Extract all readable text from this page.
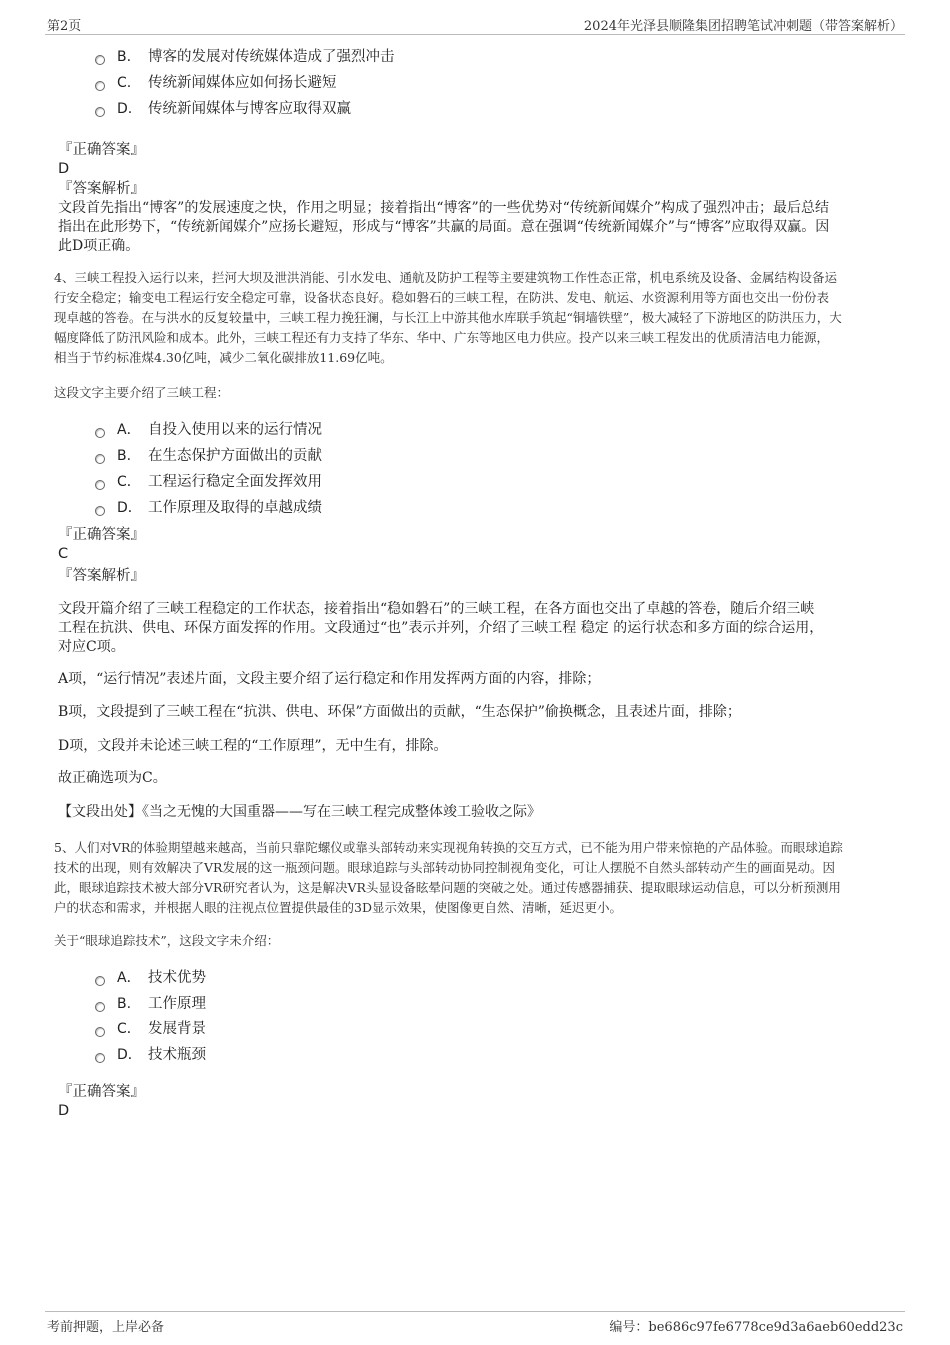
第2页	2024年光泽县顺隆集团招聘笔试冲刺题（带答案解析）
B. 博客的发展对传统媒体造成了强烈冲击
C. 传统新闻媒体应如何扬长避短
D. 传统新闻媒体与博客应取得双赢
『正确答案』
D
『答案解析』
文段首先指出“博客”的发展速度之快，作用之明显；接着指出“博客”的一些优势对“传统新闻媒介”构成了强烈冲击；最后总结
指出在此形势下，“传统新闻媒介”应扬长避短，形成与“博客”共赢的局面。意在强调“传统新闻媒介”与“博客”应取得双赢。因
此D项正确。
4、三峡工程投入运行以来，拦河大坝及泄洪消能、引水发电、通航及防护工程等主要建筑物工作性态正常，机电系统及设备、金属结构设备运
行安全稳定；输变电工程运行安全稳定可靠，设备状态良好。稳如磐石的三峡工程，在防洪、发电、航运、水资源利用等方面也交出一份份表
现卓越的答卷。在与洪水的反复较量中，三峡工程力挽狂澜，与长江上中游其他水库联手筑起“铜墙铁壁”，极大减轻了下游地区的防洪压力，大
幅度降低了防汛风险和成本。此外，三峡工程还有力支持了华东、华中、广东等地区电力供应。投产以来三峡工程发出的优质清洁电力能源，
相当于节约标准煤4.30亿吨，减少二氧化碳排放11.69亿吨。
这段文字主要介绍了三峡工程：
A． 自投入使用以来的运行情况
B. 在生态保护方面做出的贡献
C． 工程运行稳定全面发挥效用
D． 工作原理及取得的卓越成绩
『正确答案』
C
『答案解析』
文段开篇介绍了三峡工程稳定的工作状态，接着指出“稳如磐石”的三峡工程，在各方面也交出了卓越的答卷，随后介绍三峡
工程在抗洪、供电、环保方面发挥的作用。文段通过“也”表示并列，介绍了三峡工程 稳定 的运行状态和多方面的综合运用，
对应C项。
A项，“运行情况”表述片面，文段主要介绍了运行稳定和作用发挥两方面的内容，排除；
B项，文段提到了三峡工程在“抗洪、供电、环保”方面做出的贡献，“生态保护”偷换概念，且表述片面，排除；
D项，文段并未论述三峡工程的“工作原理”，无中生有，排除。
故正确选项为C。
【文段出处】《当之无愧的大国重器——写在三峡工程完成整体竣工验收之际》
5、人们对VR的体验期望越来越高，当前只靠陀螺仪或靠头部转动来实现视角转换的交互方式，已不能为用户带来惊艳的产品体验。而眼球追踪
技术的出现，则有效解决了VR发展的这一瓶颈问题。眼球追踪与头部转动协同控制视角变化，可让人摆脱不自然头部转动产生的画面晃动。因
此，眼球追踪技术被大部分VR研究者认为，这是解决VR头显设备眩晕问题的突破之处。通过传感器捕获、提取眼球运动信息，可以分析预测用
户的状态和需求，并根据人眼的注视点位置提供最佳的3D显示效果，使图像更自然、清晰，延迟更小。
关于“眼球追踪技术”，这段文字未介绍：
A． 技术优势
B. 工作原理
C． 发展背景
D． 技术瓶颈
『正确答案』
D
考前押题，上岸必备	编号：be686c97fe6778ce9d3a6aeb60edd23c
